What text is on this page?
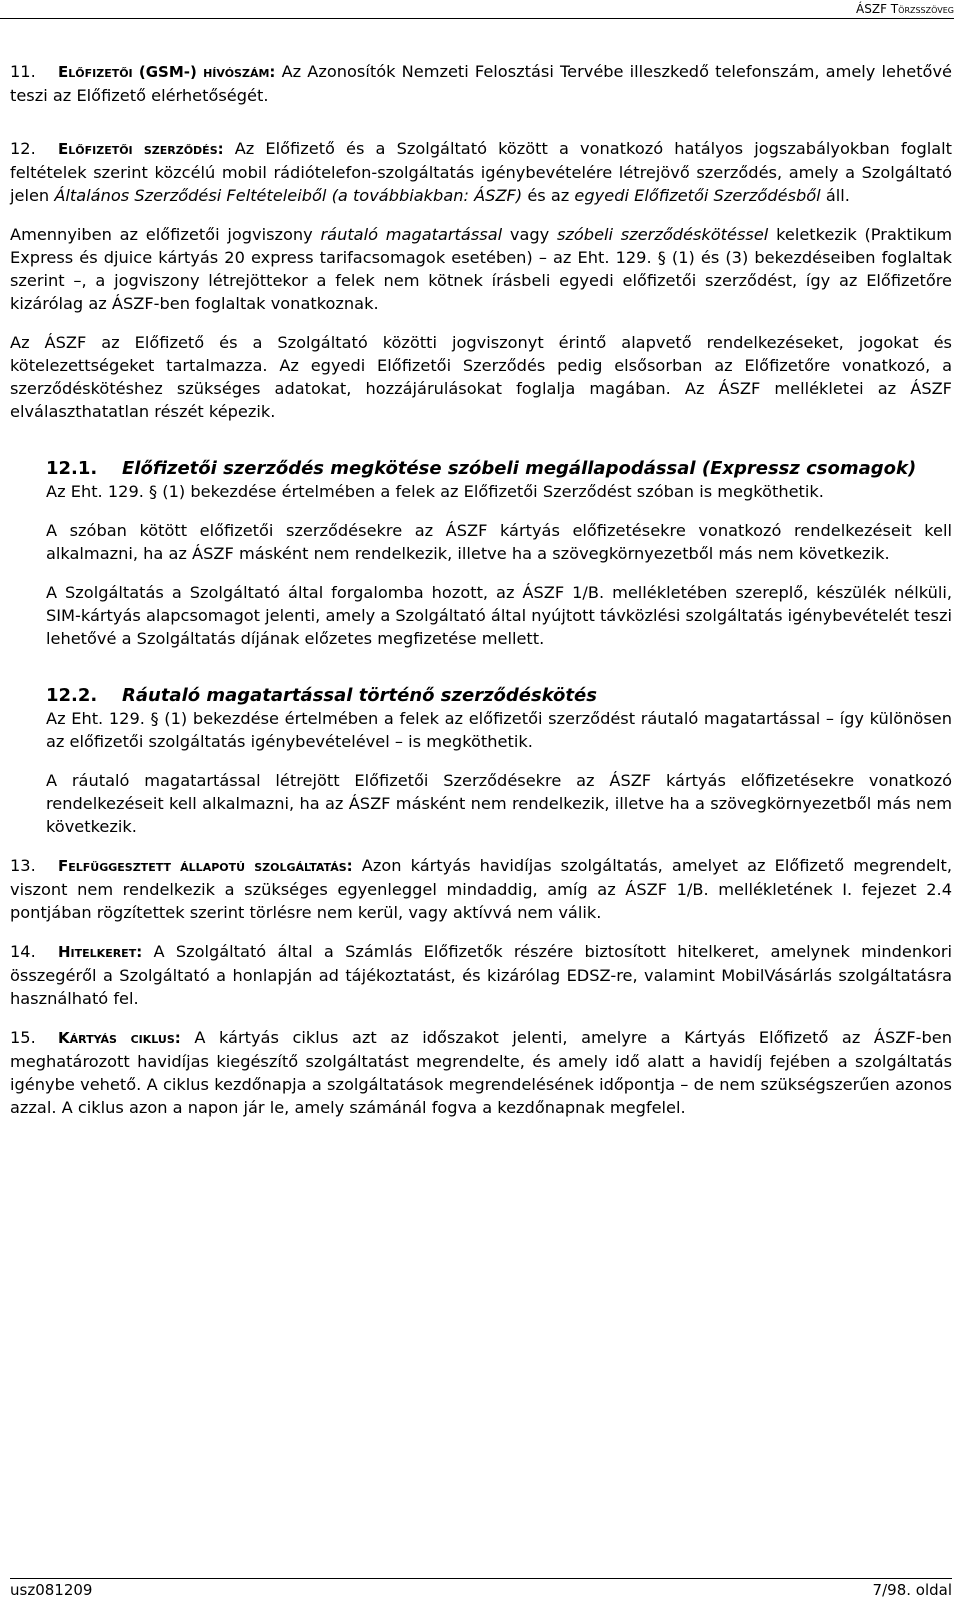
ÁSZF Törzsszöveg

11. Előfizetői (GSM-) hívószám: Az Azonosítók Nemzeti Felosztási Tervébe illeszkedő telefonszám, amely lehetővé teszi az Előfizető elérhetőségét.

12. Előfizetői szerződés: Az Előfizető és a Szolgáltató között a vonatkozó hatályos jogszabályokban foglalt feltételek szerint közcélú mobil rádiótelefon-szolgáltatás igénybevételére létrejövő szerződés, amely a Szolgáltató jelen Általános Szerződési Feltételeiből (a továbbiakban: ÁSZF) és az egyedi Előfizetői Szerződésből áll.

Amennyiben az előfizetői jogviszony ráutaló magatartással vagy szóbeli szerződéskötéssel keletkezik (Praktikum Express és djuice kártyás 20 express tarifacsomagok esetében) – az Eht. 129. § (1) és (3) bekezdéseiben foglaltak szerint –, a jogviszony létrejöttekor a felek nem kötnek írásbeli egyedi előfizetői szerződést, így az Előfizetőre kizárólag az ÁSZF-ben foglaltak vonatkoznak.

Az ÁSZF az Előfizető és a Szolgáltató közötti jogviszonyt érintő alapvető rendelkezéseket, jogokat és kötelezettségeket tartalmazza. Az egyedi Előfizetői Szerződés pedig elsősorban az Előfizetőre vonatkozó, a szerződéskötéshez szükséges adatokat, hozzájárulásokat foglalja magában. Az ÁSZF mellékletei az ÁSZF elválaszthatatlan részét képezik.

12.1. Előfizetői szerződés megkötése szóbeli megállapodással (Expressz csomagok)

Az Eht. 129. § (1) bekezdése értelmében a felek az Előfizetői Szerződést szóban is megköthetik.

A szóban kötött előfizetői szerződésekre az ÁSZF kártyás előfizetésekre vonatkozó rendelkezéseit kell alkalmazni, ha az ÁSZF másként nem rendelkezik, illetve ha a szövegkörnyezetből más nem következik.

A Szolgáltatás a Szolgáltató által forgalomba hozott, az ÁSZF 1/B. mellékletében szereplő, készülék nélküli, SIM-kártyás alapcsomagot jelenti, amely a Szolgáltató által nyújtott távközlési szolgáltatás igénybevételét teszi lehetővé a Szolgáltatás díjának előzetes megfizetése mellett.

12.2. Ráutaló magatartással történő szerződéskötés

Az Eht. 129. § (1) bekezdése értelmében a felek az előfizetői szerződést ráutaló magatartással – így különösen az előfizetői szolgáltatás igénybevételével – is megköthetik.

A ráutaló magatartással létrejött Előfizetői Szerződésekre az ÁSZF kártyás előfizetésekre vonatkozó rendelkezéseit kell alkalmazni, ha az ÁSZF másként nem rendelkezik, illetve ha a szövegkörnyezetből más nem következik.

13. Felfüggesztett állapotú szolgáltatás: Azon kártyás havidíjas szolgáltatás, amelyet az Előfizető megrendelt, viszont nem rendelkezik a szükséges egyenleggel mindaddig, amíg az ÁSZF 1/B. mellékletének I. fejezet 2.4 pontjában rögzítettek szerint törlésre nem kerül, vagy aktívvá nem válik.

14. Hitelkeret: A Szolgáltató által a Számlás Előfizetők részére biztosított hitelkeret, amelynek mindenkori összegéről a Szolgáltató a honlapján ad tájékoztatást, és kizárólag EDSZ-re, valamint MobilVásárlás szolgáltatásra használható fel.

15. Kártyás ciklus: A kártyás ciklus azt az időszakot jelenti, amelyre a Kártyás Előfizető az ÁSZF-ben meghatározott havidíjas kiegészítő szolgáltatást megrendelte, és amely idő alatt a havidíj fejében a szolgáltatás igénybe vehető. A ciklus kezdőnapja a szolgáltatások megrendelésének időpontja – de nem szükségszerűen azonos azzal. A ciklus azon a napon jár le, amely számánál fogva a kezdőnapnak megfelel.

usz081209	7/98. oldal
